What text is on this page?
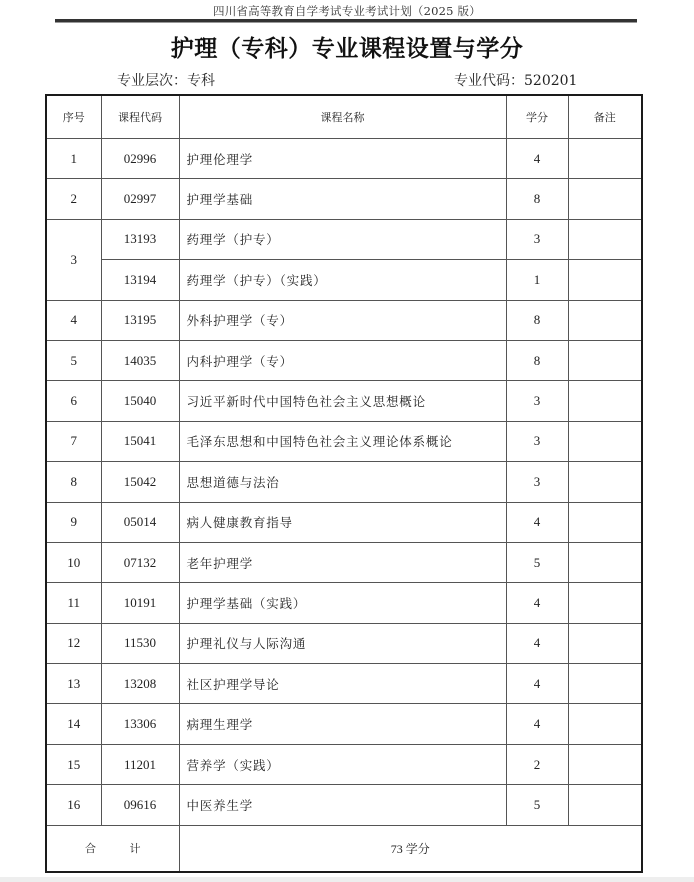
四川省高等教育自学考试专业考试计划（2025 版）
护理（专科）专业课程设置与学分
专业层次：专科	专业代码：520201
序号	课程代码	课程名称	学分	备注
1	02996	护理伦理学	4	
2	02997	护理学基础	8	
3	13193	药理学（护专）	3	
	13194	药理学（护专）（实践）	1	
4	13195	外科护理学（专）	8	
5	14035	内科护理学（专）	8	
6	15040	习近平新时代中国特色社会主义思想概论	3	
7	15041	毛泽东思想和中国特色社会主义理论体系概论	3	
8	15042	思想道德与法治	3	
9	05014	病人健康教育指导	4	
10	07132	老年护理学	5	
11	10191	护理学基础（实践）	4	
12	11530	护理礼仪与人际沟通	4	
13	13208	社区护理学导论	4	
14	13306	病理生理学	4	
15	11201	营养学（实践）	2	
16	09616	中医养生学	5	
合 计		73 学分		
